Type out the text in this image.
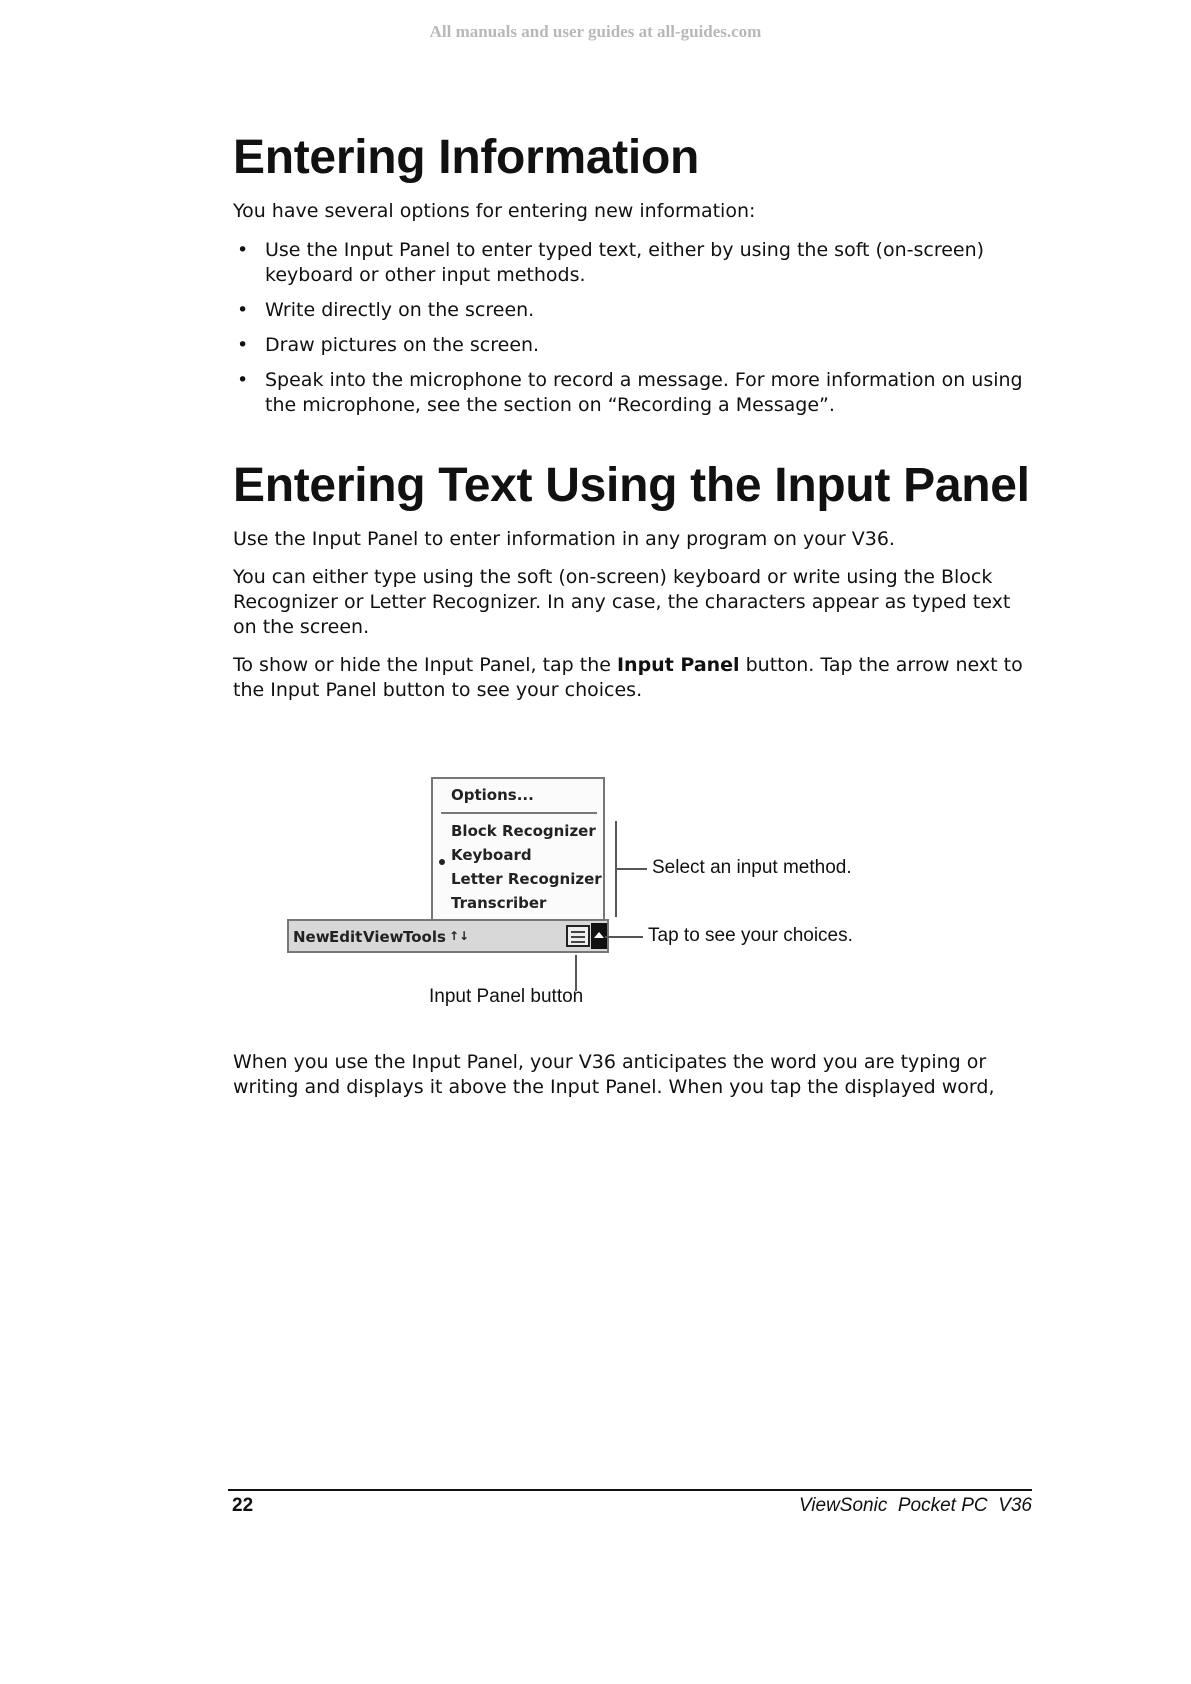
All manuals and user guides at all-guides.com
Entering Information

You have several options for entering new information:

• Use the Input Panel to enter typed text, either by using the soft (on-screen) keyboard or other input methods.
• Write directly on the screen.
• Draw pictures on the screen.
• Speak into the microphone to record a message. For more information on using the microphone, see the section on “Recording a Message”.
Entering Text Using the Input Panel

Use the Input Panel to enter information in any program on your V36.

You can either type using the soft (on-screen) keyboard or write using the Block Recognizer or Letter Recognizer. In any case, the characters appear as typed text on the screen.

To show or hide the Input Panel, tap the Input Panel button. Tap the arrow next to the Input Panel button to see your choices.

Options...
Block Recognizer
Keyboard
Letter Recognizer
Transcriber
New Edit View Tools ↑↓
Select an input method.
Tap to see your choices.
Input Panel button

When you use the Input Panel, your V36 anticipates the word you are typing or writing and displays it above the Input Panel. When you tap the displayed word,

22	ViewSonic  Pocket PC  V36
